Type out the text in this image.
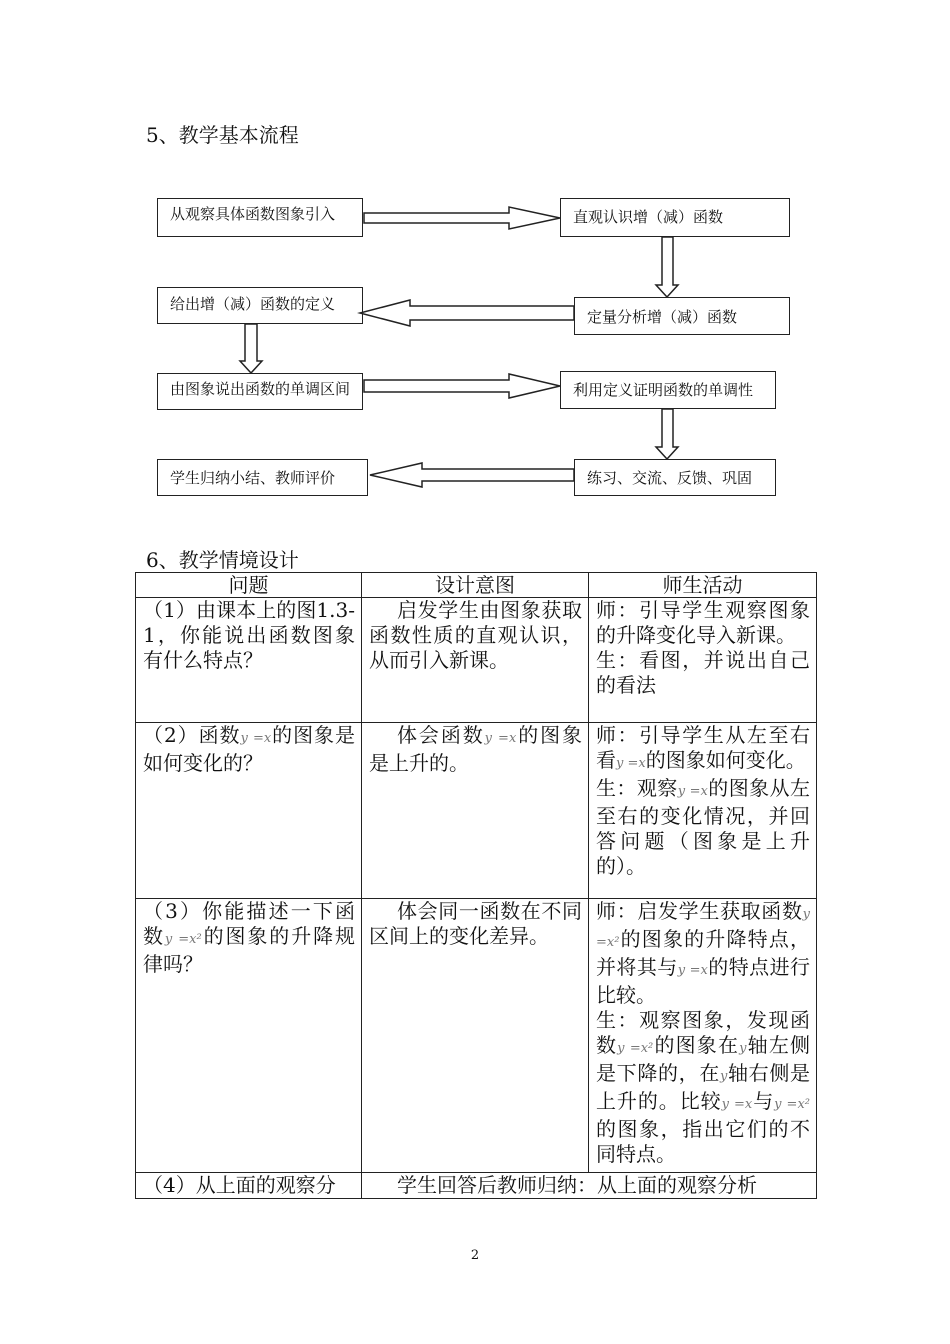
5、教学基本流程
从观察具体函数图象引入	直观认识增（减）函数
给出增（减）函数的定义
定量分析增（减）函数
由图象说出函数的单调区间	利用定义证明函数的单调性
学生归纳小结、教师评价	练习、交流、反馈、巩固
6、教学情境设计
问题	设计意图	师生活动
（1）由课本上的图1.3-1，你能说出函数图象有什么特点？	启发学生由图象获取函数性质的直观认识，从而引入新课。	师：引导学生观察图象的升降变化导入新课。
生：看图，并说出自己的看法

（2）函数y =x的图象是如何变化的？	体会函数y =x的图象是上升的。	师：引导学生从左至右看y =x的图象如何变化。
生：观察y =x的图象从左至右的变化情况，并回答问题（图象是上升的）。

（3）你能描述一下函数y =x²的图象的升降规律吗？	体会同一函数在不同区间上的变化差异。	师：启发学生获取函数y =x²的图象的升降特点，并将其与y =x的特点进行比较。
生：观察图象，发现函数y =x²的图象在y轴左侧是下降的，在y轴右侧是上升的。比较y =x与y =x²的图象，指出它们的不同特点。

（4）从上面的观察分	学生回答后教师归纳：从上面的观察分析	
2
